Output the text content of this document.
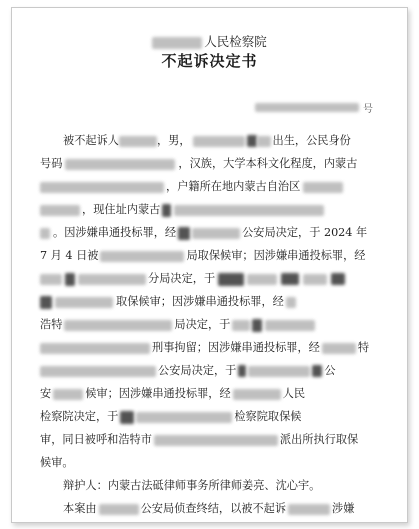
人民检察院
不起诉决定书
号
被不起诉人	，男，	出生，公民身份
号码	，汉族，大学本科文化程度，内蒙古
，户籍所在地内蒙古自治区
，现住址内蒙古
。因涉嫌串通投标罪，经	公安局决定，于 2024 年
7 月 4 日被	局取保候审；因涉嫌串通投标罪，经
分局决定，于
取保候审；因涉嫌串通投标罪，经
浩特	局决定，于
刑事拘留；因涉嫌串通投标罪，经	特
公安局决定，于	公
安	候审；因涉嫌串通投标罪，经	人民
检察院决定，于	检察院取保候
审，同日被呼和浩特市	派出所执行取保
候审。
辩护人：内蒙古法砥律师事务所律师姜亮、沈心宇。
本案由	公安局侦查终结，以被不起诉	涉嫌
